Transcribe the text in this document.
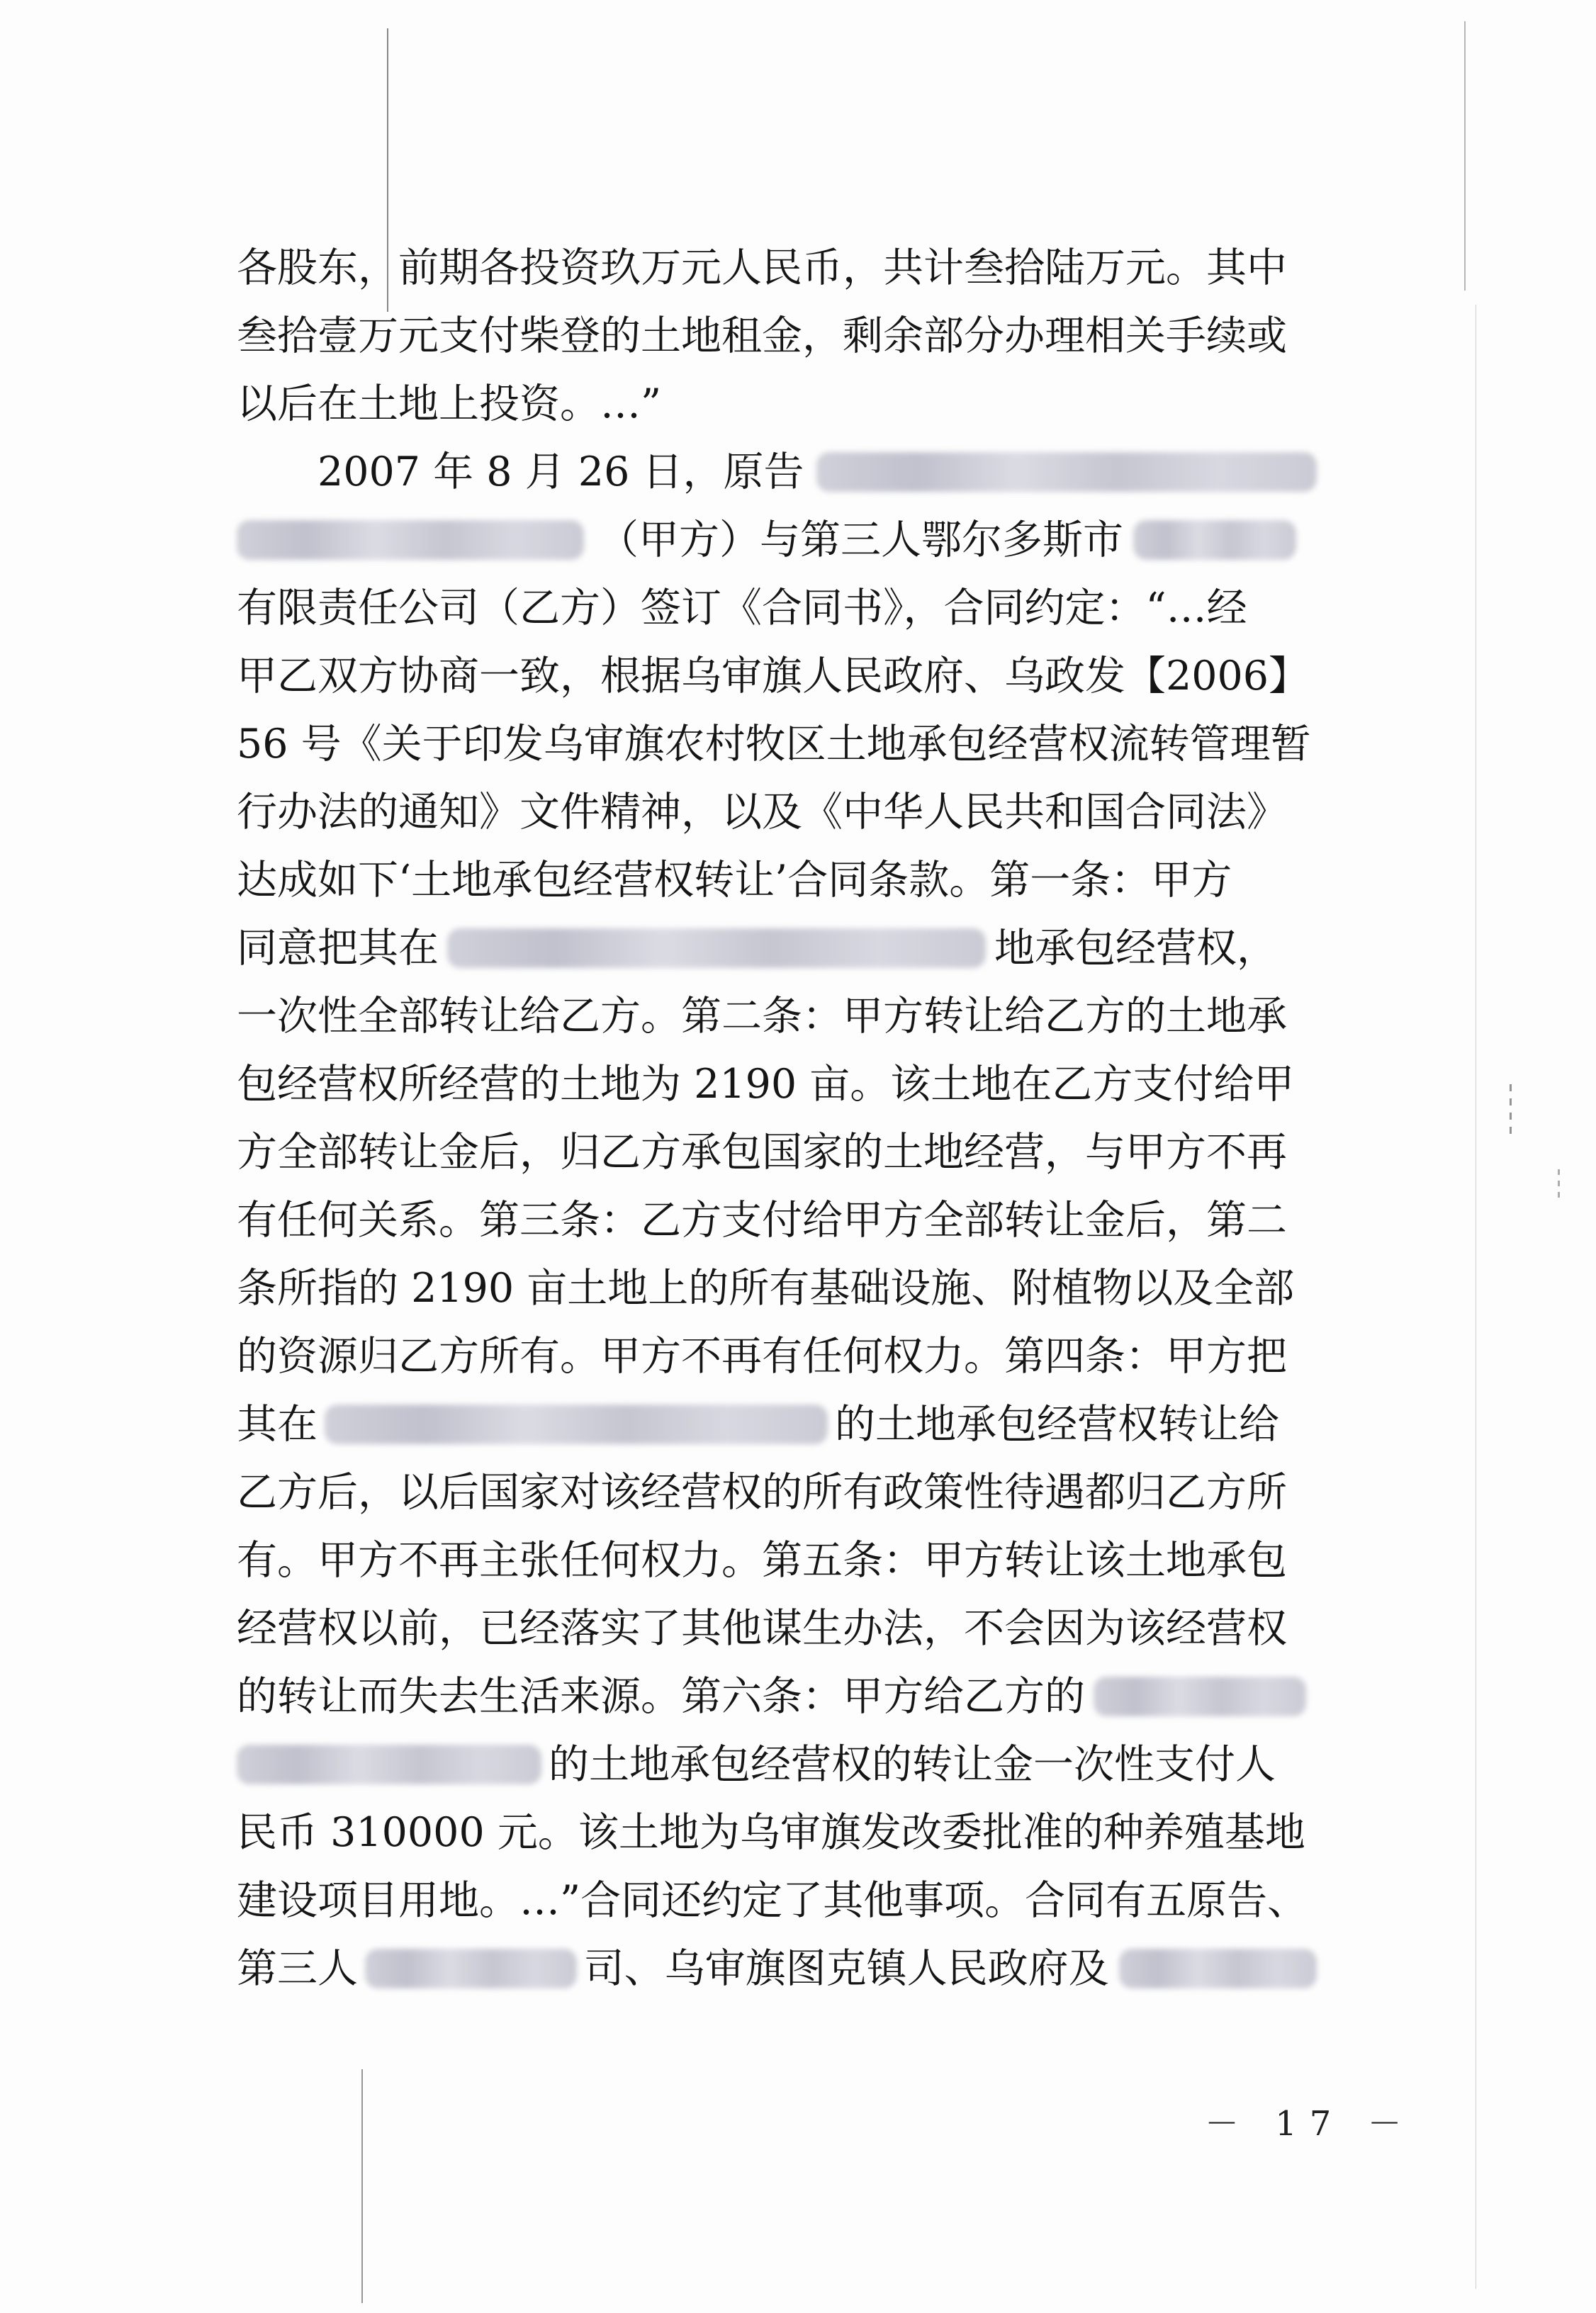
各股东，前期各投资玖万元人民币，共计叁拾陆万元。其中
叁拾壹万元支付柴登的土地租金，剩余部分办理相关手续或
以后在土地上投资。…”
2007 年 8 月 26 日，原告
（甲方）与第三人鄂尔多斯市
有限责任公司（乙方）签订《合同书》，合同约定：“…经
甲乙双方协商一致，根据乌审旗人民政府、乌政发【2006】
56 号《关于印发乌审旗农村牧区土地承包经营权流转管理暂
行办法的通知》文件精神，以及《中华人民共和国合同法》
达成如下‘土地承包经营权转让’合同条款。第一条：甲方
同意把其在	地承包经营权，
一次性全部转让给乙方。第二条：甲方转让给乙方的土地承
包经营权所经营的土地为 2190 亩。该土地在乙方支付给甲
方全部转让金后，归乙方承包国家的土地经营，与甲方不再
有任何关系。第三条：乙方支付给甲方全部转让金后，第二
条所指的 2190 亩土地上的所有基础设施、附植物以及全部
的资源归乙方所有。甲方不再有任何权力。第四条：甲方把
其在	的土地承包经营权转让给
乙方后，以后国家对该经营权的所有政策性待遇都归乙方所
有。甲方不再主张任何权力。第五条：甲方转让该土地承包
经营权以前，已经落实了其他谋生办法，不会因为该经营权
的转让而失去生活来源。第六条：甲方给乙方的
的土地承包经营权的转让金一次性支付人
民币 310000 元。该土地为乌审旗发改委批准的种养殖基地
建设项目用地。…”合同还约定了其他事项。合同有五原告、
第三人	司、乌审旗图克镇人民政府及
－ 17 －
